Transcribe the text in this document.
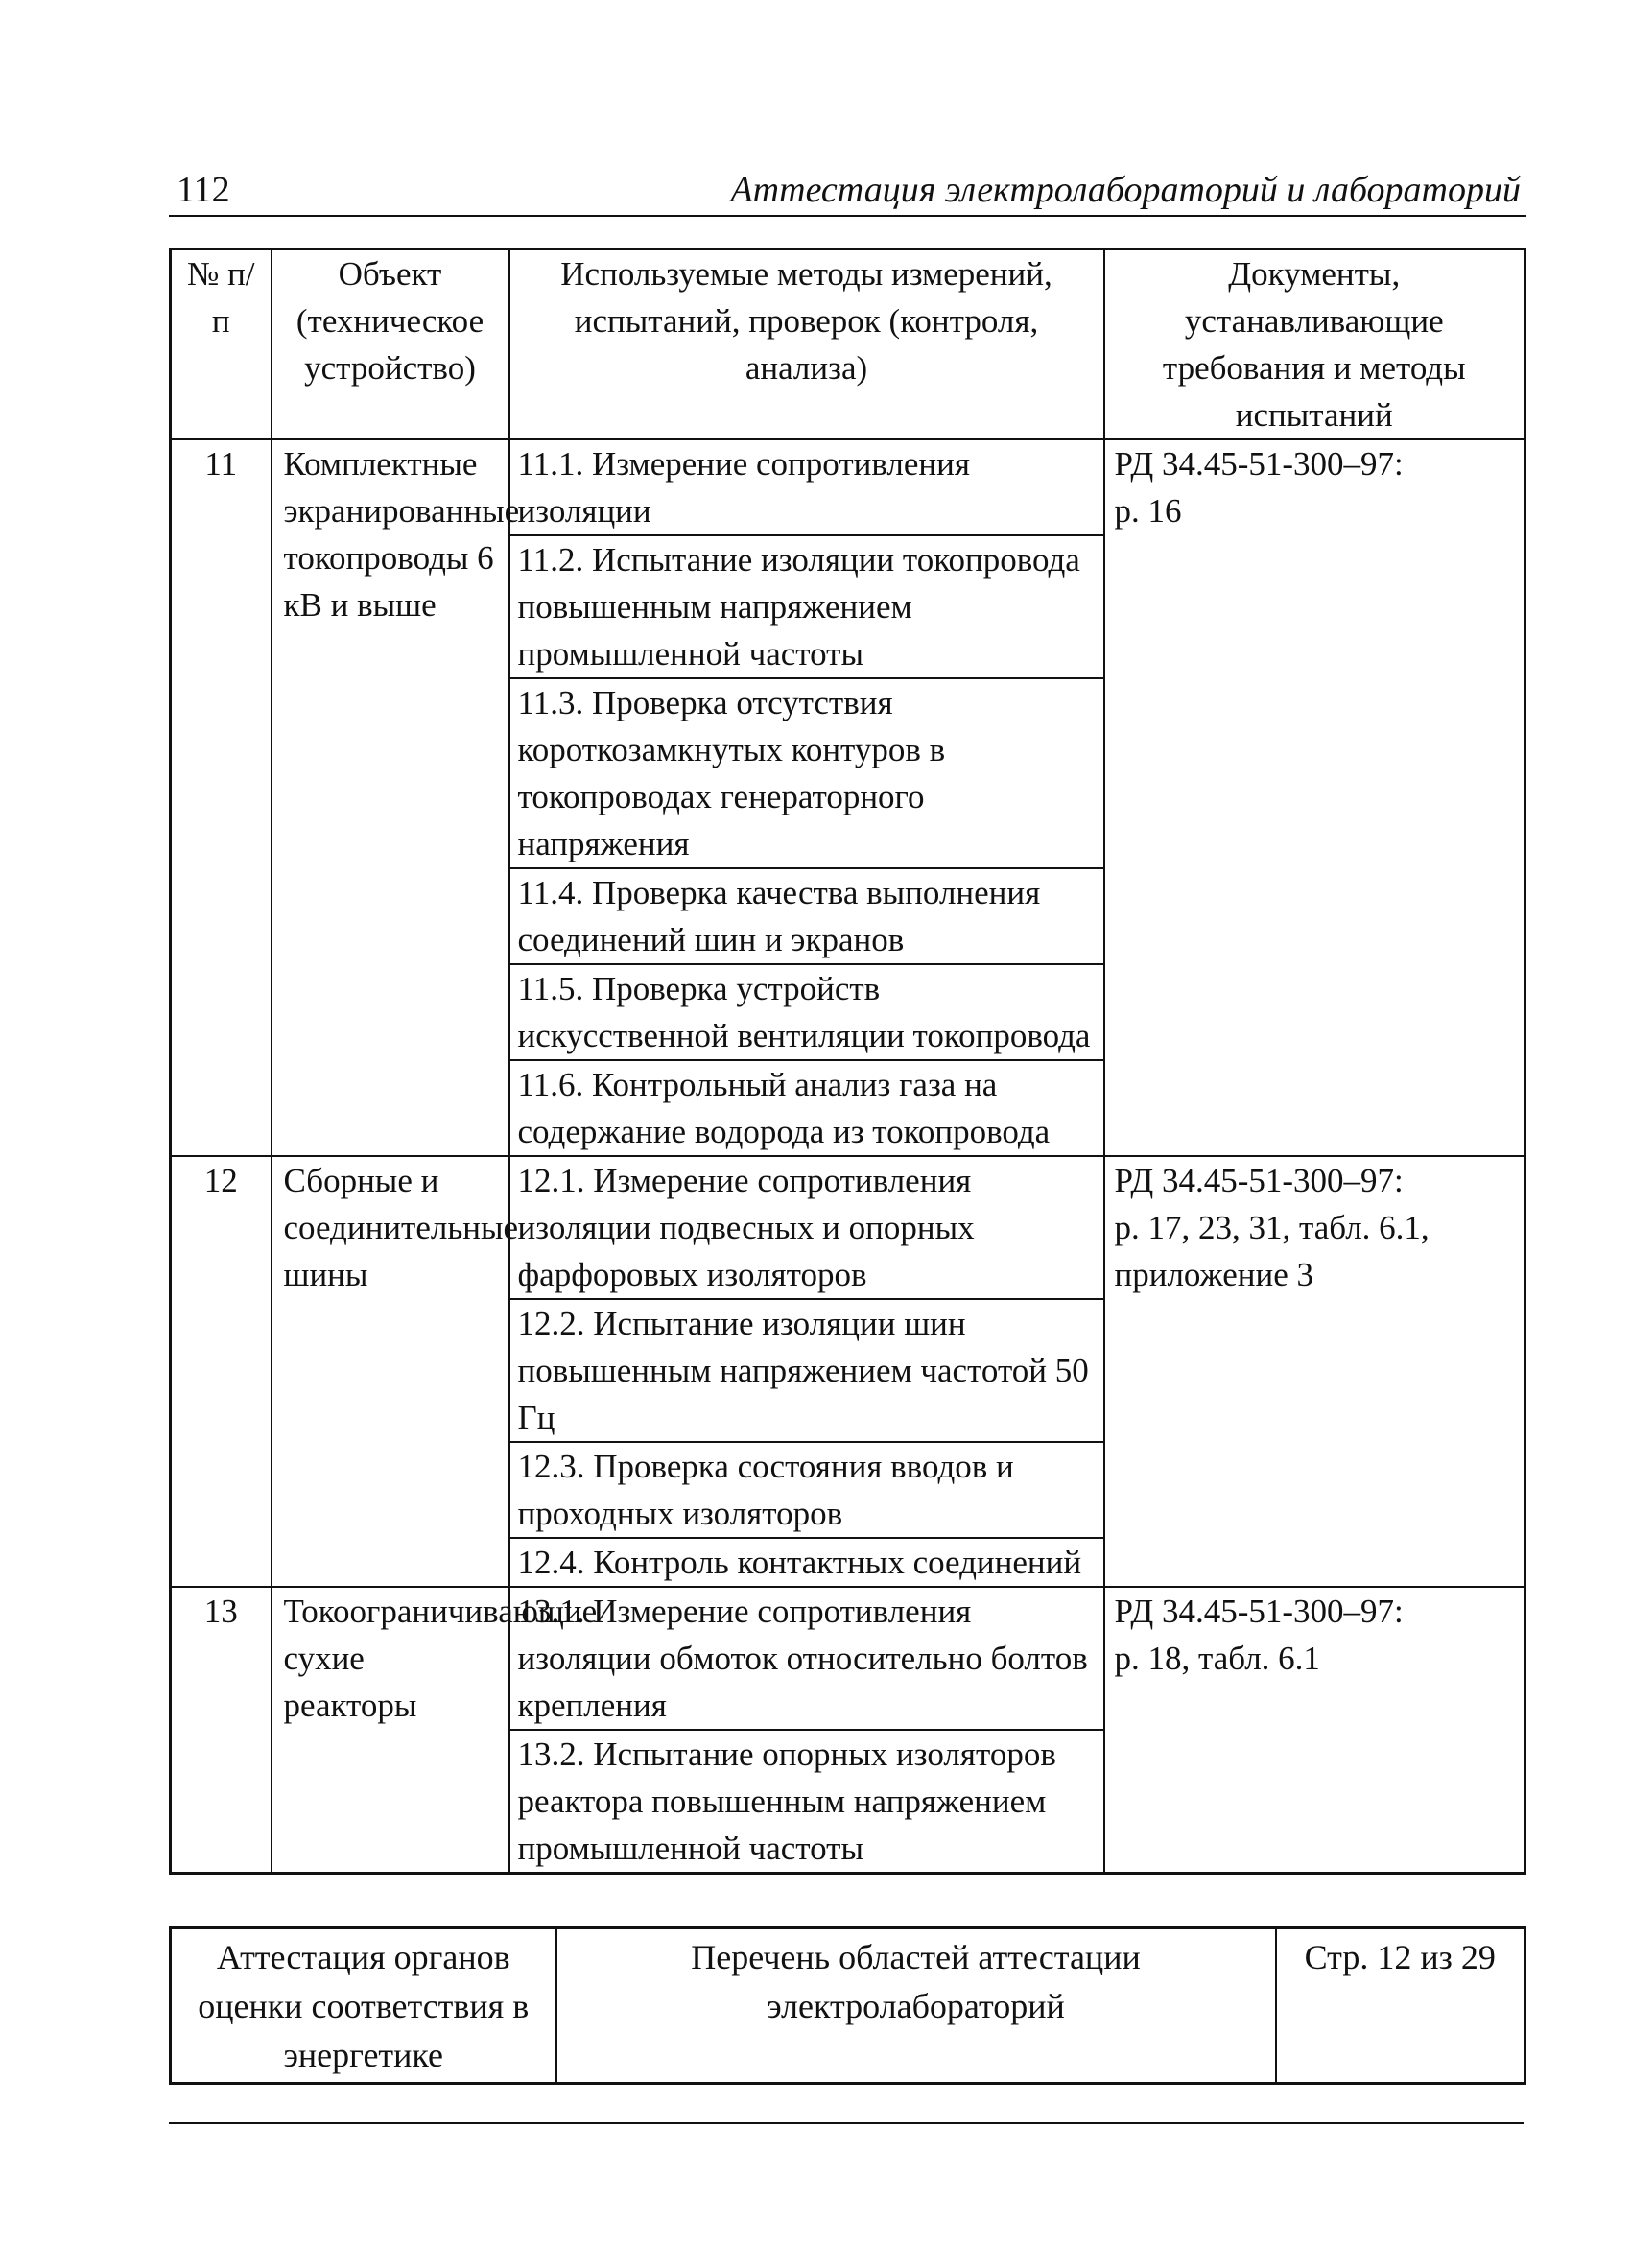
112	Аттестация электролабораторий и лабораторий
№ п/п	Объект (техническое устройство)	Используемые методы измерений, испытаний, проверок (контроля, анализа)	Документы, устанавливающие требования и методы испытаний
11	Комплектные экранированные токопроводы 6 кВ и выше	11.1. Измерение сопротивления изоляции	РД 34.45-51-300–97:
р. 16
		11.2. Испытание изоляции токопровода повышенным напряжением промышленной частоты	
		11.3. Проверка отсутствия короткозамкнутых контуров в токопроводах генераторного напряжения	
		11.4. Проверка качества выполнения соединений шин и экранов	
		11.5. Проверка устройств искусственной вентиляции токопровода	
		11.6. Контрольный анализ газа на содержание водорода из токопровода	
12	Сборные и соединительные шины	12.1. Измерение сопротивления изоляции подвесных и опорных фарфоровых изоляторов	РД 34.45-51-300–97:
р. 17, 23, 31, табл. 6.1,
приложение 3
		12.2. Испытание изоляции шин повышенным напряжением частотой 50 Гц	
		12.3. Проверка состояния вводов и проходных изоляторов	
		12.4. Контроль контактных соединений	
13	Токоограничивающие сухие реакторы	13.1. Измерение сопротивления изоляции обмоток относительно болтов крепления	РД 34.45-51-300–97:
р. 18, табл. 6.1
		13.2. Испытание опорных изоляторов реактора повышенным напряжением промышленной частоты	
Аттестация органов оценки соответствия в энергетике	Перечень областей аттестации электролабораторий	Стр. 12 из 29
